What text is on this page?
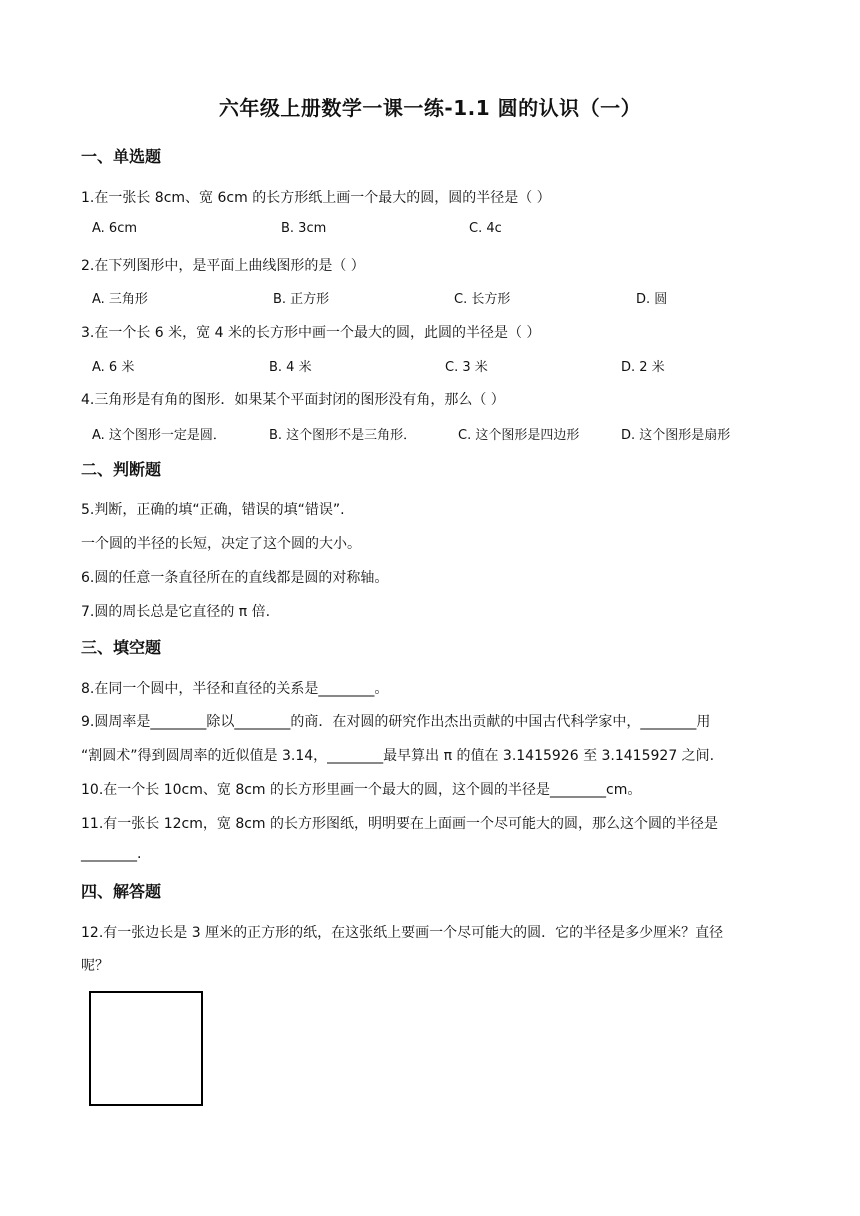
六年级上册数学一课一练-1.1 圆的认识（一）
一、单选题
1.在一张长 8cm、宽 6cm 的长方形纸上画一个最大的圆，圆的半径是（ ）
A. 6cm	B. 3cm	C. 4c
2.在下列图形中，是平面上曲线图形的是（ ）
A. 三角形	B. 正方形	C. 长方形	D. 圆
3.在一个长 6 米，宽 4 米的长方形中画一个最大的圆，此圆的半径是（ ）
A. 6 米	B. 4 米	C. 3 米	D. 2 米
4.三角形是有角的图形．如果某个平面封闭的图形没有角，那么（ ）
A. 这个图形一定是圆．	B. 这个图形不是三角形．	C. 这个图形是四边形	D. 这个图形是扇形
二、判断题
5.判断，正确的填“正确，错误的填“错误”.
一个圆的半径的长短，决定了这个圆的大小。
6.圆的任意一条直径所在的直线都是圆的对称轴。
7.圆的周长总是它直径的 π 倍.
三、填空题
8.在同一个圆中，半径和直径的关系是________。
9.圆周率是________除以________的商．在对圆的研究作出杰出贡献的中国古代科学家中，________用
“割圆术”得到圆周率的近似值是 3.14，________最早算出 π 的值在 3.1415926 至 3.1415927 之间.
10.在一个长 10cm、宽 8cm 的长方形里画一个最大的圆，这个圆的半径是________cm。
11.有一张长 12cm，宽 8cm 的长方形图纸，明明要在上面画一个尽可能大的圆，那么这个圆的半径是
________.
四、解答题
12.有一张边长是 3 厘米的正方形的纸，在这张纸上要画一个尽可能大的圆．它的半径是多少厘米？直径
呢？
